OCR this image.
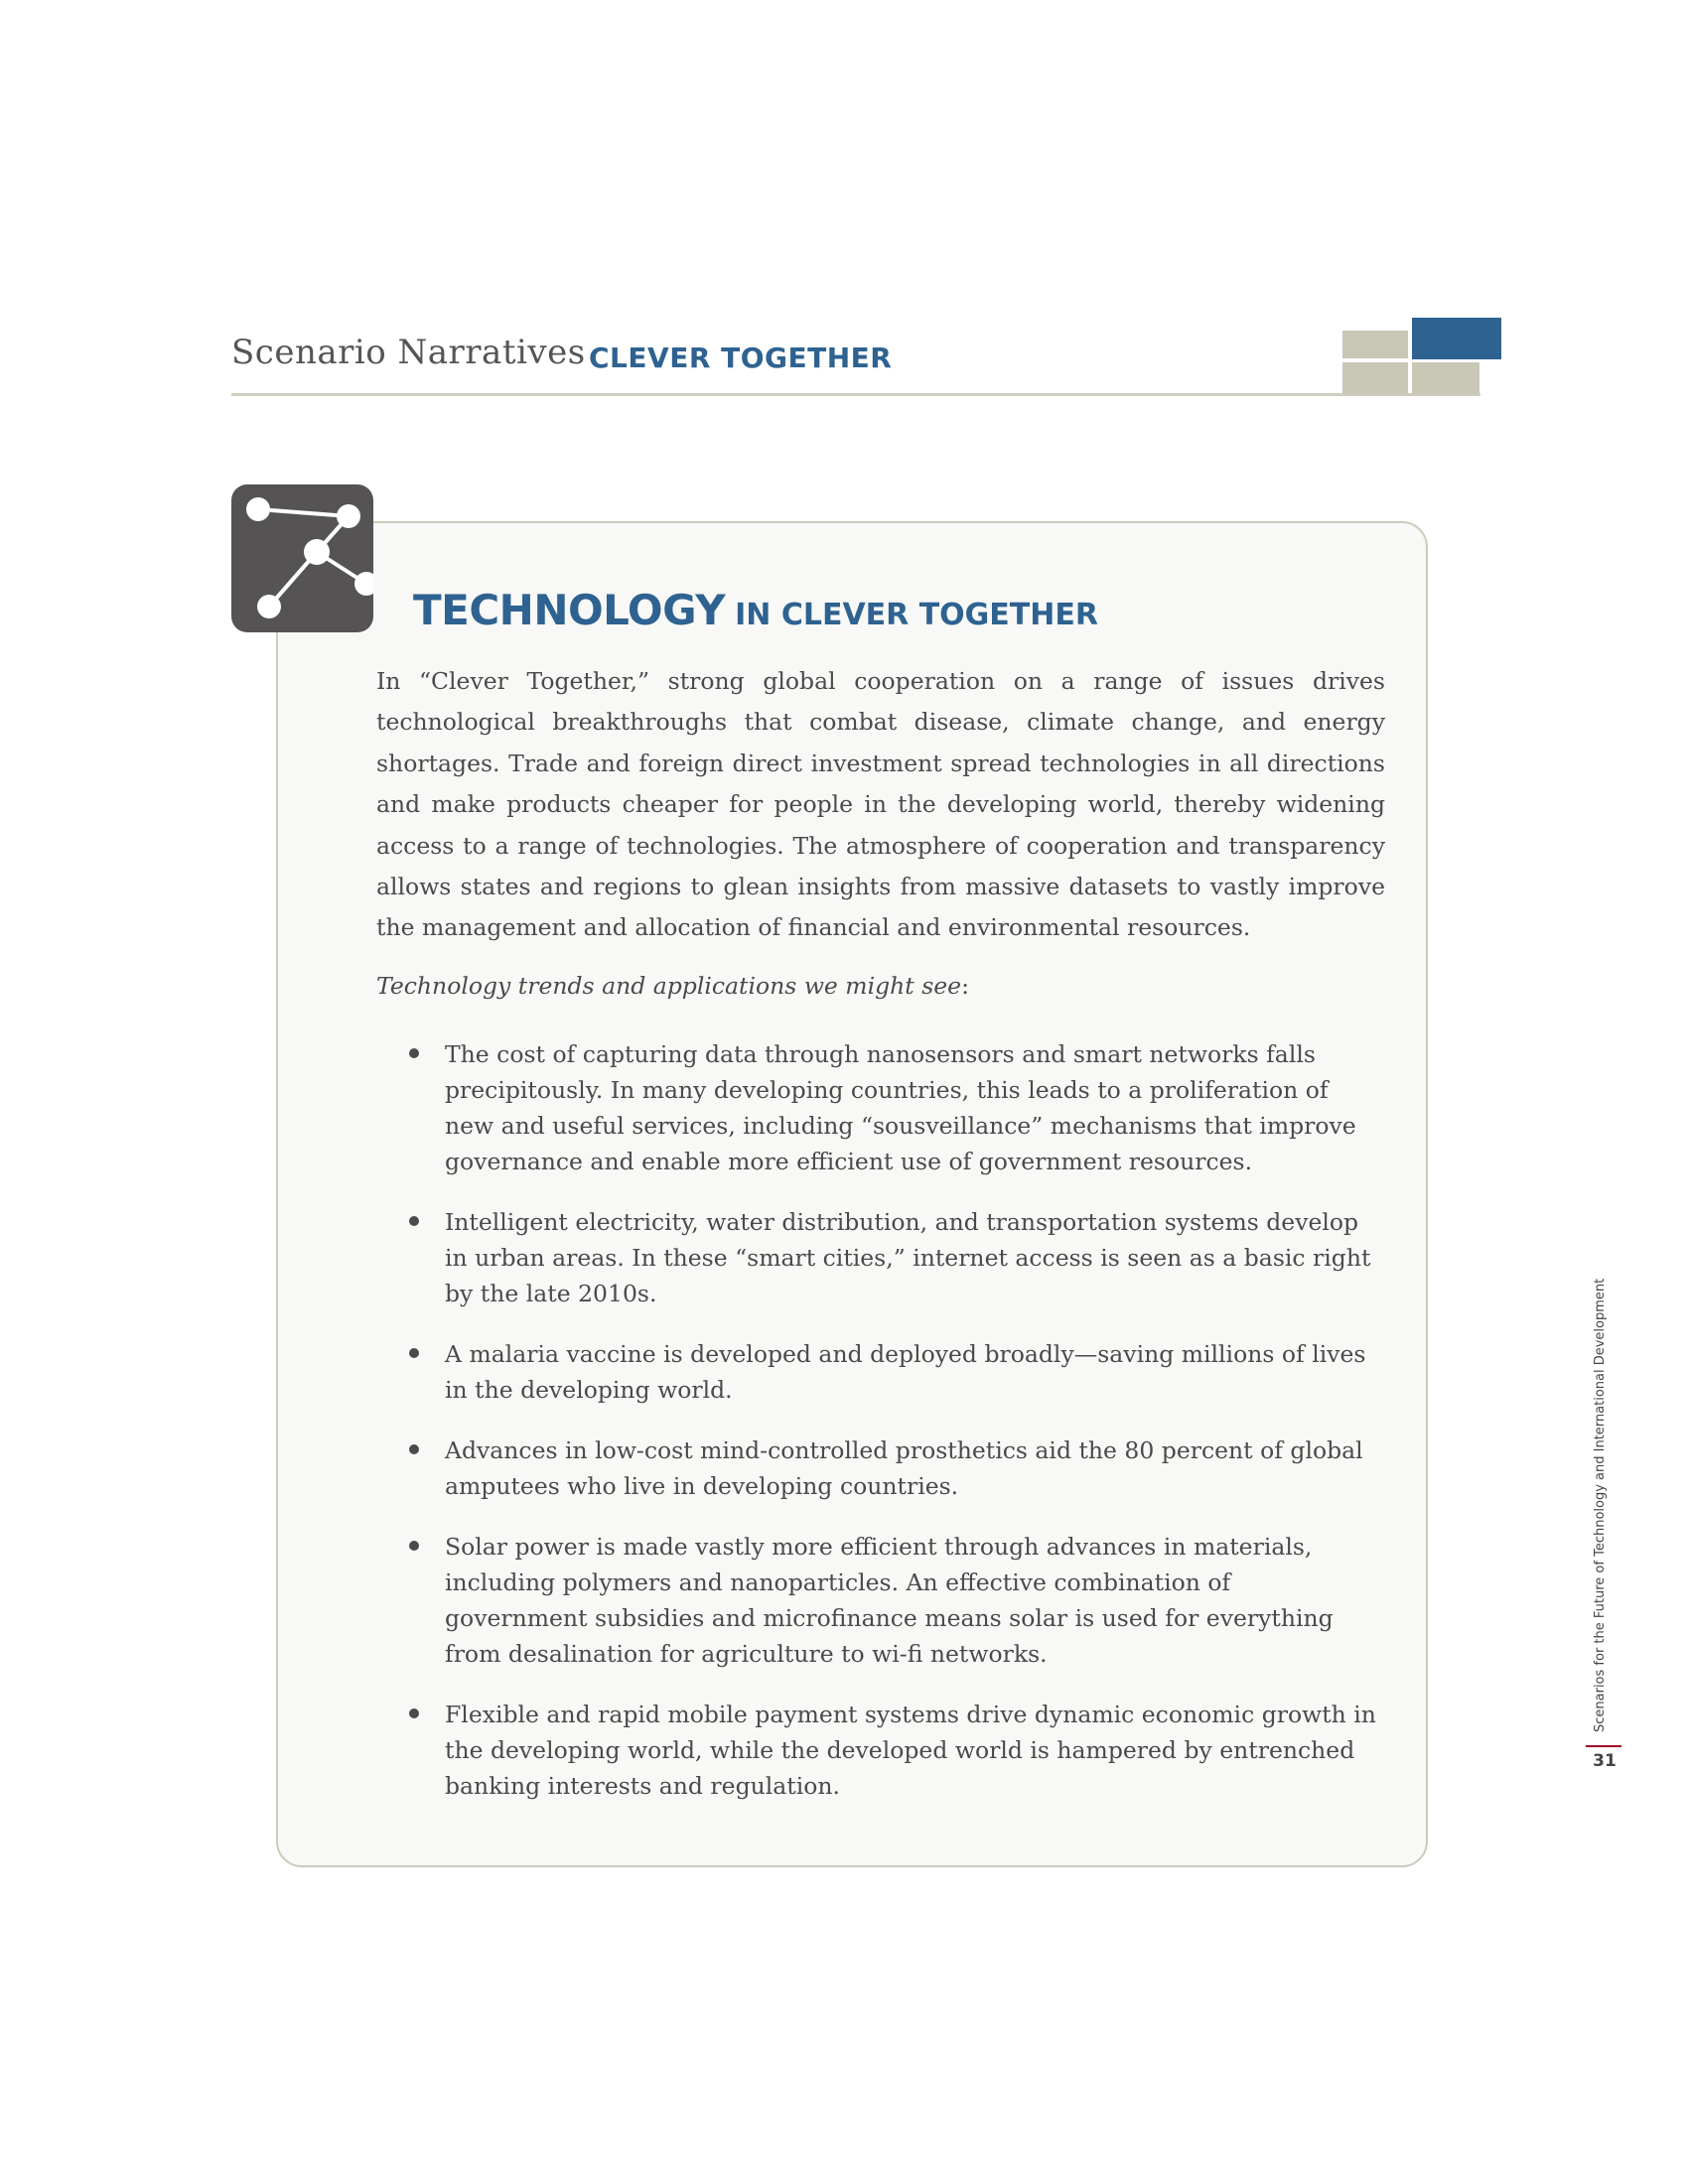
Scenario Narratives CLEVER TOGETHER
TECHNOLOGY IN CLEVER TOGETHER

In “Clever Together,” strong global cooperation on a range of issues drives technological breakthroughs that combat disease, climate change, and energy shortages. Trade and foreign direct investment spread technologies in all directions and make products cheaper for people in the developing world, thereby widening access to a range of technologies. The atmosphere of cooperation and transparency allows states and regions to glean insights from massive datasets to vastly improve the management and allocation of financial and environmental resources.

Technology trends and applications we might see:
The cost of capturing data through nanosensors and smart networks falls precipitously. In many developing countries, this leads to a proliferation of new and useful services, including “sousveillance” mechanisms that improve governance and enable more efficient use of government resources.
Intelligent electricity, water distribution, and transportation systems develop in urban areas. In these “smart cities,” internet access is seen as a basic right by the late 2010s.
A malaria vaccine is developed and deployed broadly—saving millions of lives in the developing world.
Advances in low-cost mind-controlled prosthetics aid the 80 percent of global amputees who live in developing countries.
Solar power is made vastly more efficient through advances in materials, including polymers and nanoparticles. An effective combination of government subsidies and microfinance means solar is used for everything from desalination for agriculture to wi-fi networks.
Flexible and rapid mobile payment systems drive dynamic economic growth in the developing world, while the developed world is hampered by entrenched banking interests and regulation.
Scenarios for the Future of Technology and International Development
31
